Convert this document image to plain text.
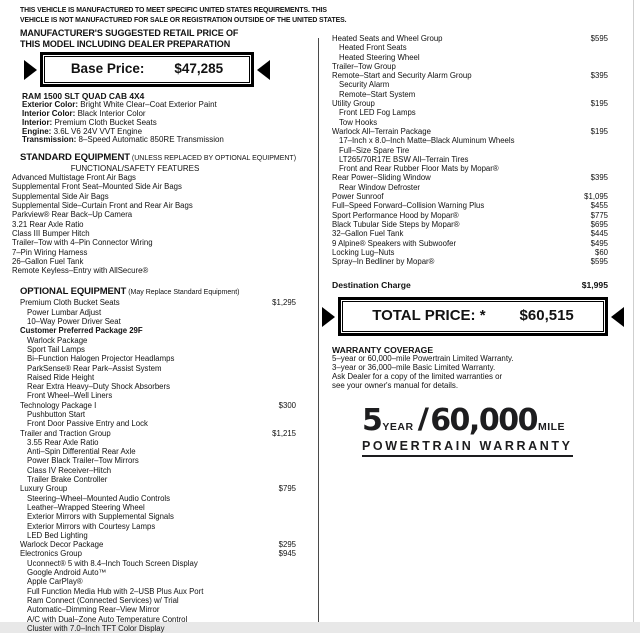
THIS VEHICLE IS MANUFACTURED TO MEET SPECIFIC UNITED STATES REQUIREMENTS. THIS
VEHICLE IS NOT MANUFACTURED FOR SALE OR REGISTRATION OUTSIDE OF THE UNITED STATES.
MANUFACTURER'S SUGGESTED RETAIL PRICE OF
THIS MODEL INCLUDING DEALER PREPARATION
Base Price: $47,285
RAM 1500 SLT QUAD CAB 4X4
Exterior Color: Bright White Clear–Coat Exterior Paint
Interior Color: Black Interior Color
Interior: Premium Cloth Bucket Seats
Engine: 3.6L V6 24V VVT Engine
Transmission: 8–Speed Automatic 850RE Transmission
STANDARD EQUIPMENT (UNLESS REPLACED BY OPTIONAL EQUIPMENT)
FUNCTIONAL/SAFETY FEATURES
Advanced Multistage Front Air Bags
Supplemental Front Seat–Mounted Side Air Bags
Supplemental Side Air Bags
Supplemental Side–Curtain Front and Rear Air Bags
Parkview® Rear Back–Up Camera
3.21 Rear Axle Ratio
Class III Bumper Hitch
Trailer–Tow with 4–Pin Connector Wiring
7–Pin Wiring Harness
26–Gallon Fuel Tank
Remote Keyless–Entry with AllSecure®
OPTIONAL EQUIPMENT (May Replace Standard Equipment)
Premium Cloth Bucket Seats	$1,295
Power Lumbar Adjust
10–Way Power Driver Seat
Customer Preferred Package 29F
Warlock Package
Sport Tail Lamps
Bi–Function Halogen Projector Headlamps
ParkSense® Rear Park–Assist System
Raised Ride Height
Rear Extra Heavy–Duty Shock Absorbers
Front Wheel–Well Liners
Technology Package I	$300
Pushbutton Start
Front Door Passive Entry and Lock
Trailer and Traction Group	$1,215
3.55 Rear Axle Ratio
Anti–Spin Differential Rear Axle
Power Black Trailer–Tow Mirrors
Class IV Receiver–Hitch
Trailer Brake Controller
Luxury Group	$795
Steering–Wheel–Mounted Audio Controls
Leather–Wrapped Steering Wheel
Exterior Mirrors with Supplemental Signals
Exterior Mirrors with Courtesy Lamps
LED Bed Lighting
Warlock Decor Package	$295
Electronics Group	$945
Uconnect® 5 with 8.4–Inch Touch Screen Display
Google Android Auto™
Apple CarPlay®
Full Function Media Hub with 2–USB Plus Aux Port
Ram Connect (Connected Services) w/ Trial
Automatic–Dimming Rear–View Mirror
A/C with Dual–Zone Auto Temperature Control
Cluster with 7.0–Inch TFT Color Display
Heated Seats and Wheel Group	$595
Heated Front Seats
Heated Steering Wheel
Trailer–Tow Group
Remote–Start and Security Alarm Group	$395
Security Alarm
Remote–Start System
Utility Group	$195
Front LED Fog Lamps
Tow Hooks
Warlock All–Terrain Package	$195
17–Inch x 8.0–Inch Matte–Black Aluminum Wheels
Full–Size Spare Tire
LT265/70R17E BSW All–Terrain Tires
Front and Rear Rubber Floor Mats by Mopar®
Rear Power–Sliding Window	$395
Rear Window Defroster
Power Sunroof	$1,095
Full–Speed Forward–Collision Warning Plus	$455
Sport Performance Hood by Mopar®	$775
Black Tubular Side Steps by Mopar®	$695
32–Gallon Fuel Tank	$445
9 Alpine® Speakers with Subwoofer	$495
Locking Lug–Nuts	$60
Spray–In Bedliner by Mopar®	$595
Destination Charge	$1,995
TOTAL PRICE: * $60,515
WARRANTY COVERAGE
5–year or 60,000–mile Powertrain Limited Warranty.
3–year or 36,000–mile Basic Limited Warranty.
Ask Dealer for a copy of the limited warranties or
see your owner's manual for details.
5 YEAR / 60,000 MILE
POWERTRAIN WARRANTY
